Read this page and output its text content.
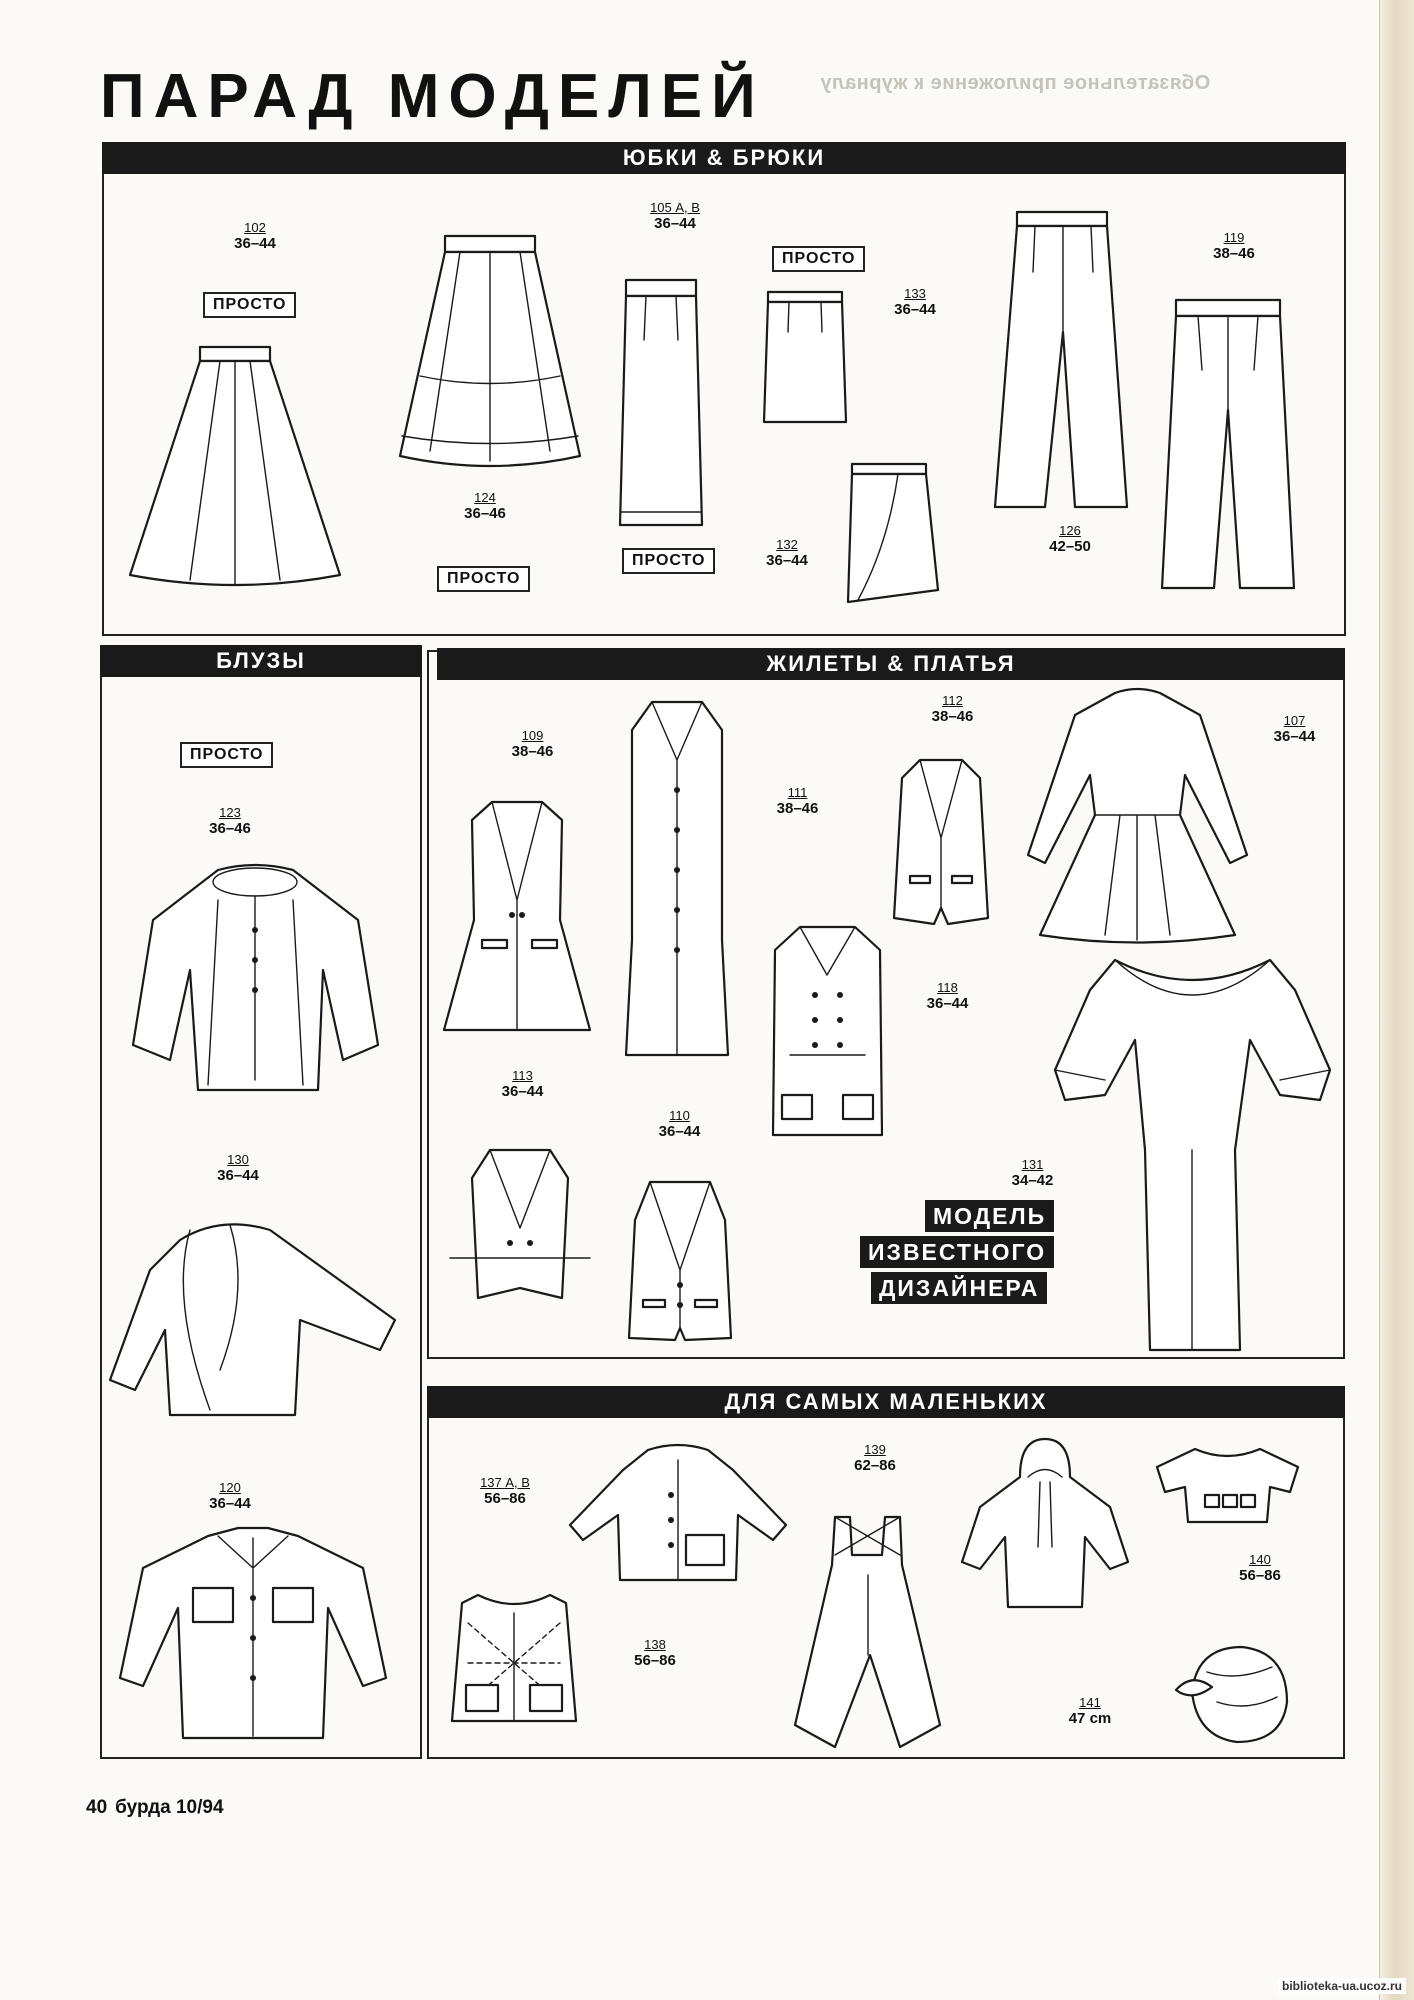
Обязательное приложение к журналу
ПАРАД МОДЕЛЕЙ
ЮБКИ & БРЮКИ
102
36–44
ПРОСТО
105 А, В
36–44
124
36–46
ПРОСТО
ПРОСТО
ПРОСТО
133
36–44
132
36–44
126
42–50
119
38–46
БЛУЗЫ
ПРОСТО
123
36–46
130
36–44
120
36–44
ЖИЛЕТЫ & ПЛАТЬЯ
109
38–46
111
38–46
112
38–46	107
36–44
118
36–44
113
36–44
110
36–44
131
34–42
МОДЕЛЬ
ИЗВЕСТНОГО
ДИЗАЙНЕРА
ДЛЯ САМЫХ МАЛЕНЬКИХ
137 А, В
56–86
139
62–86
140
56–86
138
56–86
141
47 cm
40 бурда 10/94
biblioteka-ua.ucoz.ru
